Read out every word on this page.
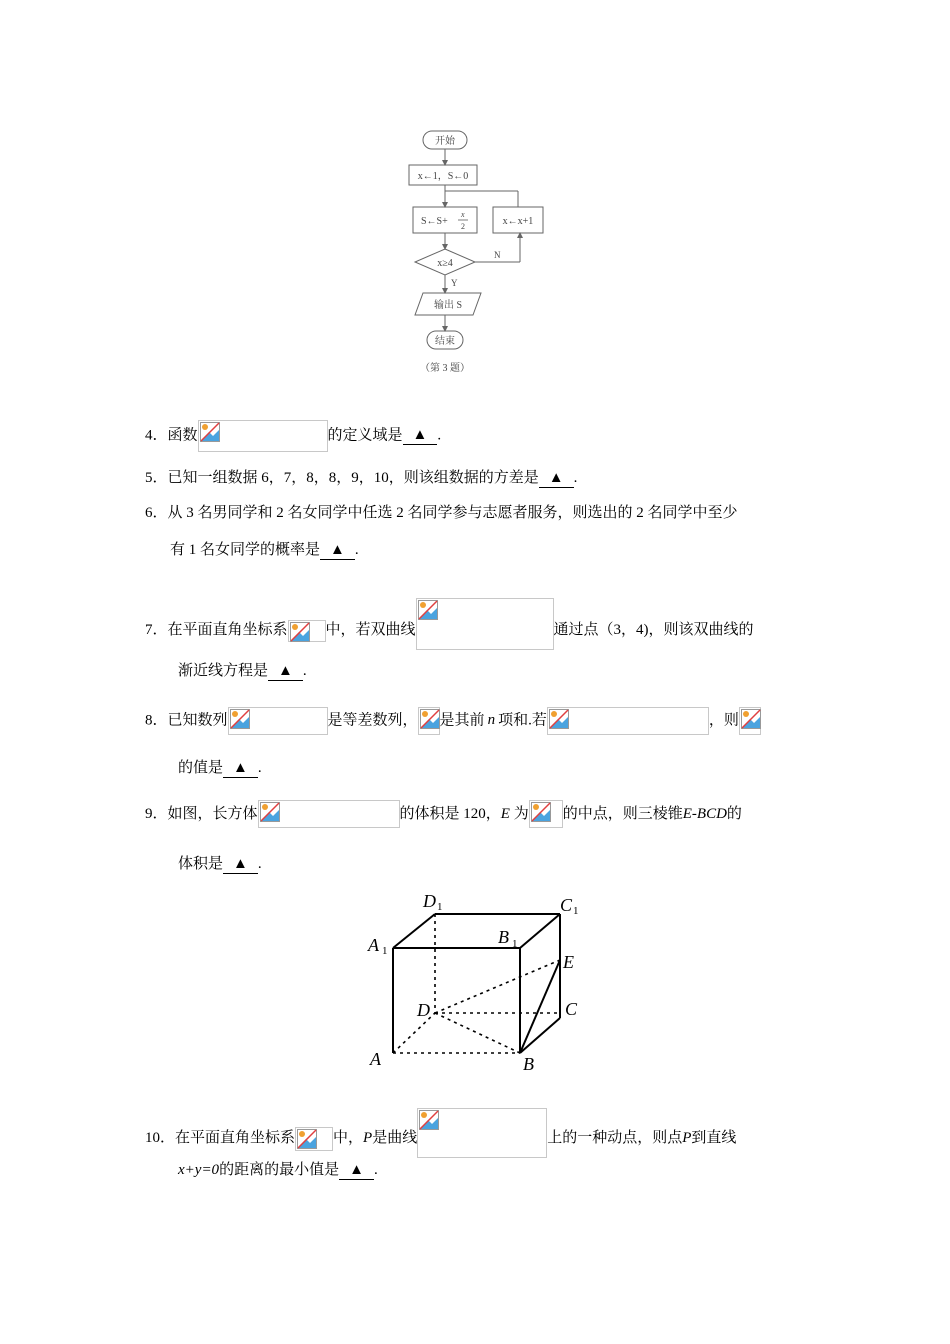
开始
x←1，S←0
S←S+
x
2	x←x+1
x≥4
N
Y
输出 S
结束
（第 3 题）
4．函数	的定义域是 ▲ .
5．已知一组数据 6，7，8，8，9，10，则该组数据的方差是 ▲ .
6．从 3 名男同学和 2 名女同学中任选 2 名同学参与志愿者服务，则选出的 2 名同学中至少
有 1 名女同学的概率是 ▲ .
7．在平面直角坐标系	中，若双曲线	通过点（3，4)，则该双曲线的
渐近线方程是 ▲ .
8．已知数列	是等差数列， 是其前 n 项和.若	，则
的值是 ▲ .
9．如图，长方体	的体积是 120，E 为 的中点，则三棱锥E-BCD的
体积是 ▲ .
A	B
C
D
E
A 1
B 1
C 1
D 1
10．在平面直角坐标系	中，P是曲线	上的一种动点，则点P到直线
x+y=0的距离的最小值是 ▲ .
